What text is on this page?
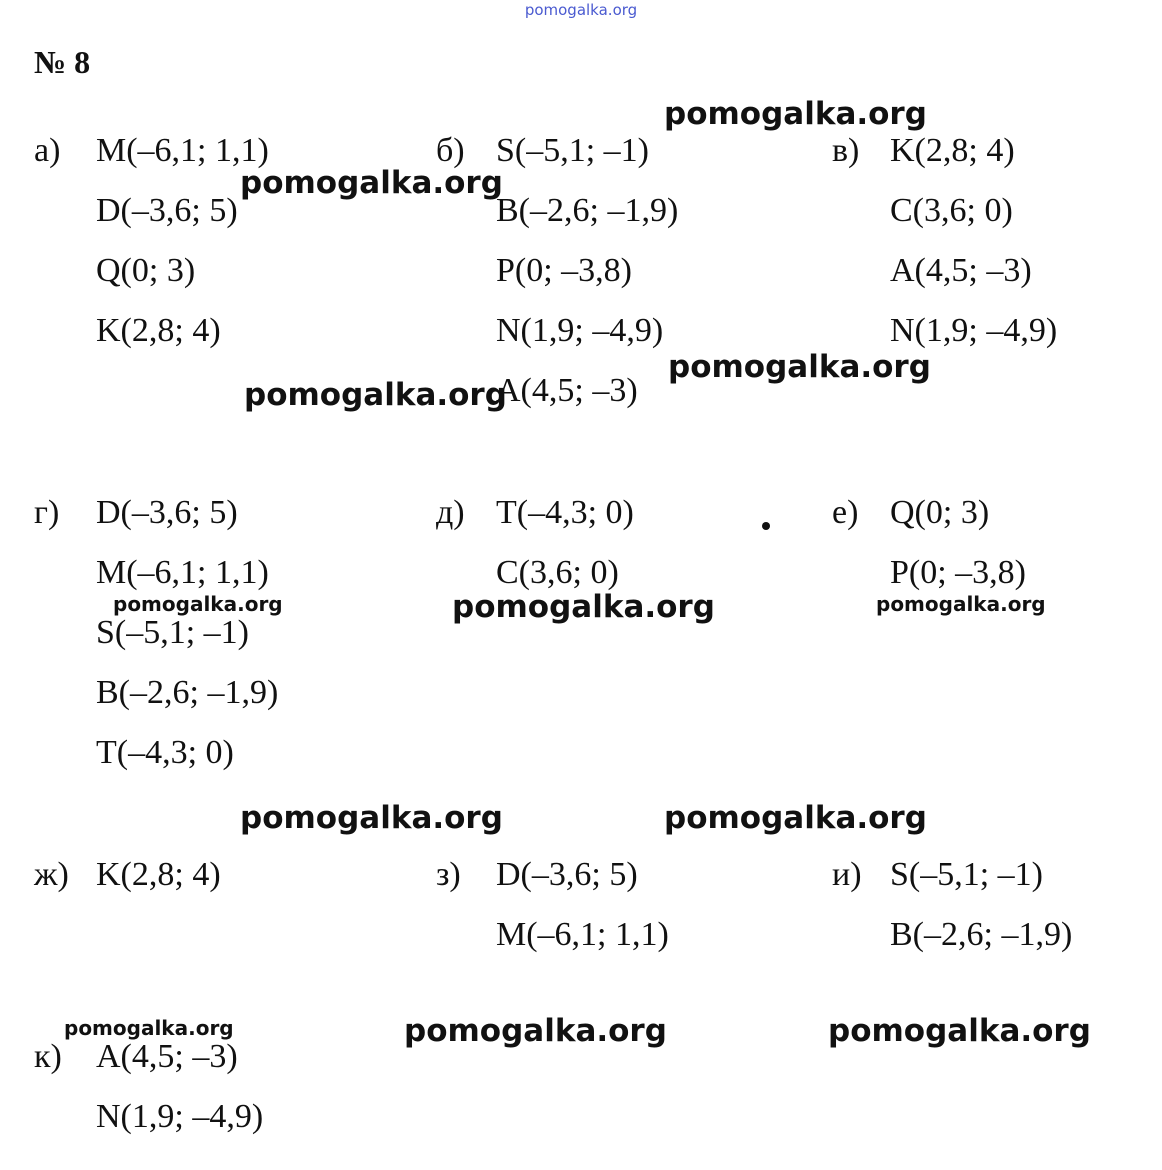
pomogalka.org
№ 8
а) M(–6,1; 1,1)
D(–3,6; 5)
Q(0; 3)
K(2,8; 4)
б) S(–5,1; –1)
B(–2,6; –1,9)
P(0; –3,8)
N(1,9; –4,9)
A(4,5; –3)
в) K(2,8; 4)
C(3,6; 0)
A(4,5; –3)
N(1,9; –4,9)
г) D(–3,6; 5)
M(–6,1; 1,1)
S(–5,1; –1)
B(–2,6; –1,9)
T(–4,3; 0)
д) T(–4,3; 0)
C(3,6; 0)
е) Q(0; 3)
P(0; –3,8)
ж) K(2,8; 4)	з) D(–3,6; 5)
M(–6,1; 1,1)
и) S(–5,1; –1)
B(–2,6; –1,9)
к) A(4,5; –3)
N(1,9; –4,9)
pomogalka.org
pomogalka.org
pomogalka.org
pomogalka.org
pomogalka.org	pomogalka.org	pomogalka.org
pomogalka.org	pomogalka.org
pomogalka.org	pomogalka.org	pomogalka.org
